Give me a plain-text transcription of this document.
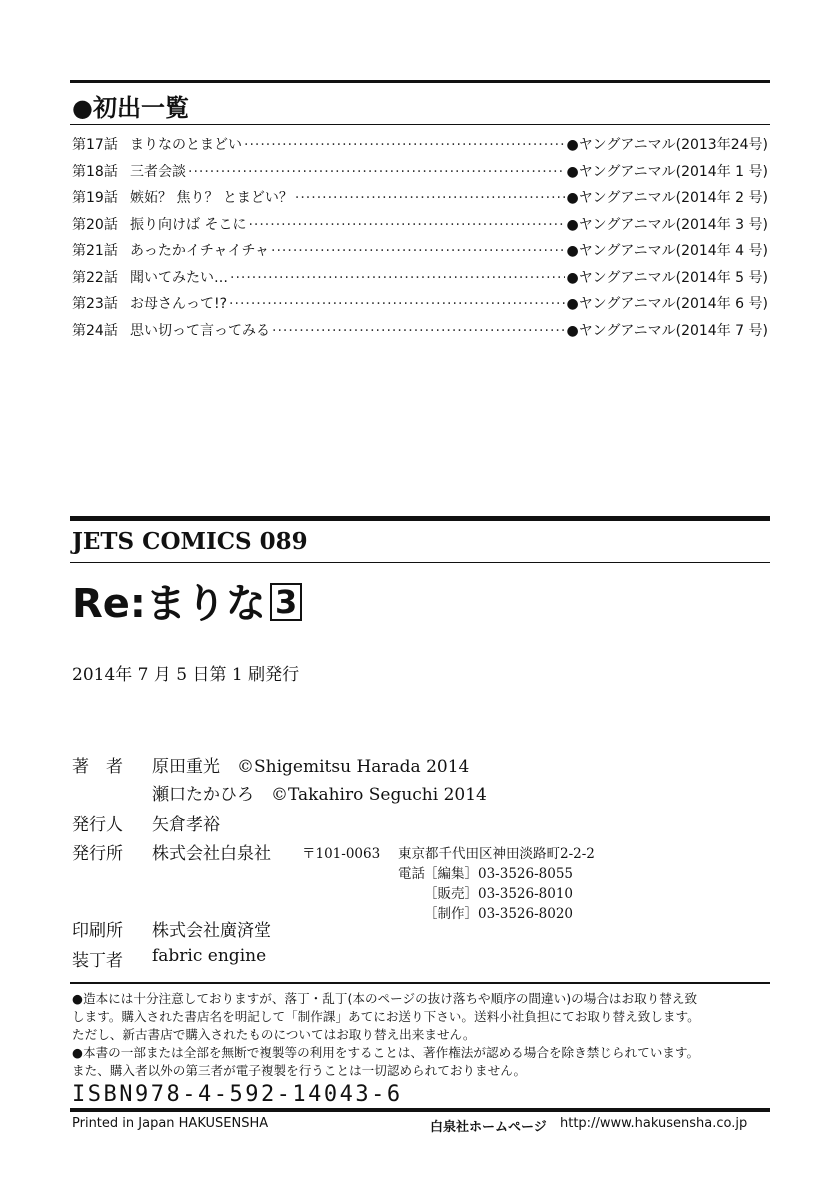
●初出一覧
第17話 まりなのとまどい ·····	●ヤングアニマル(2013年24号)
第18話 三者会談 ·····	●ヤングアニマル(2014年 1 号)
第19話 嫉妬？ 焦り？ とまどい？ ·····	●ヤングアニマル(2014年 2 号)
第20話 振り向けば そこに ·····	●ヤングアニマル(2014年 3 号)
第21話 あったかイチャイチャ ·····	●ヤングアニマル(2014年 4 号)
第22話 聞いてみたい… ·····	●ヤングアニマル(2014年 5 号)
第23話 お母さんって!? ·····	●ヤングアニマル(2014年 6 号)
第24話 思い切って言ってみる ·····	●ヤングアニマル(2014年 7 号)
JETS COMICS 089
Re:まりな 3
2014年 7 月 5 日第 1 刷発行
著　者 原田重光　©Shigemitsu Harada 2014
瀬口たかひろ　©Takahiro Seguchi 2014
発行人 矢倉孝裕
発行所 株式会社白泉社 〒101-0063 東京都千代田区神田淡路町2-2-2
電話 ［編集］03-3526-8055
［販売］03-3526-8010
［制作］03-3526-8020
印刷所 株式会社廣済堂
装丁者 fabric engine

●造本には十分注意しておりますが、落丁・乱丁(本のページの抜け落ちや順序の間違い)の場合はお取り替え致

します。購入された書店名を明記して「制作課」あてにお送り下さい。送料小社負担にてお取り替え致します。

ただし、新古書店で購入されたものについてはお取り替え出来ません。

●本書の一部または全部を無断で複製等の利用をすることは、著作権法が認める場合を除き禁じられています。

また、購入者以外の第三者が電子複製を行うことは一切認められておりません。

ISBN978-4-592-14043-6
Printed in Japan HAKUSENSHA	白泉社ホームページ http://www.hakusensha.co.jp
